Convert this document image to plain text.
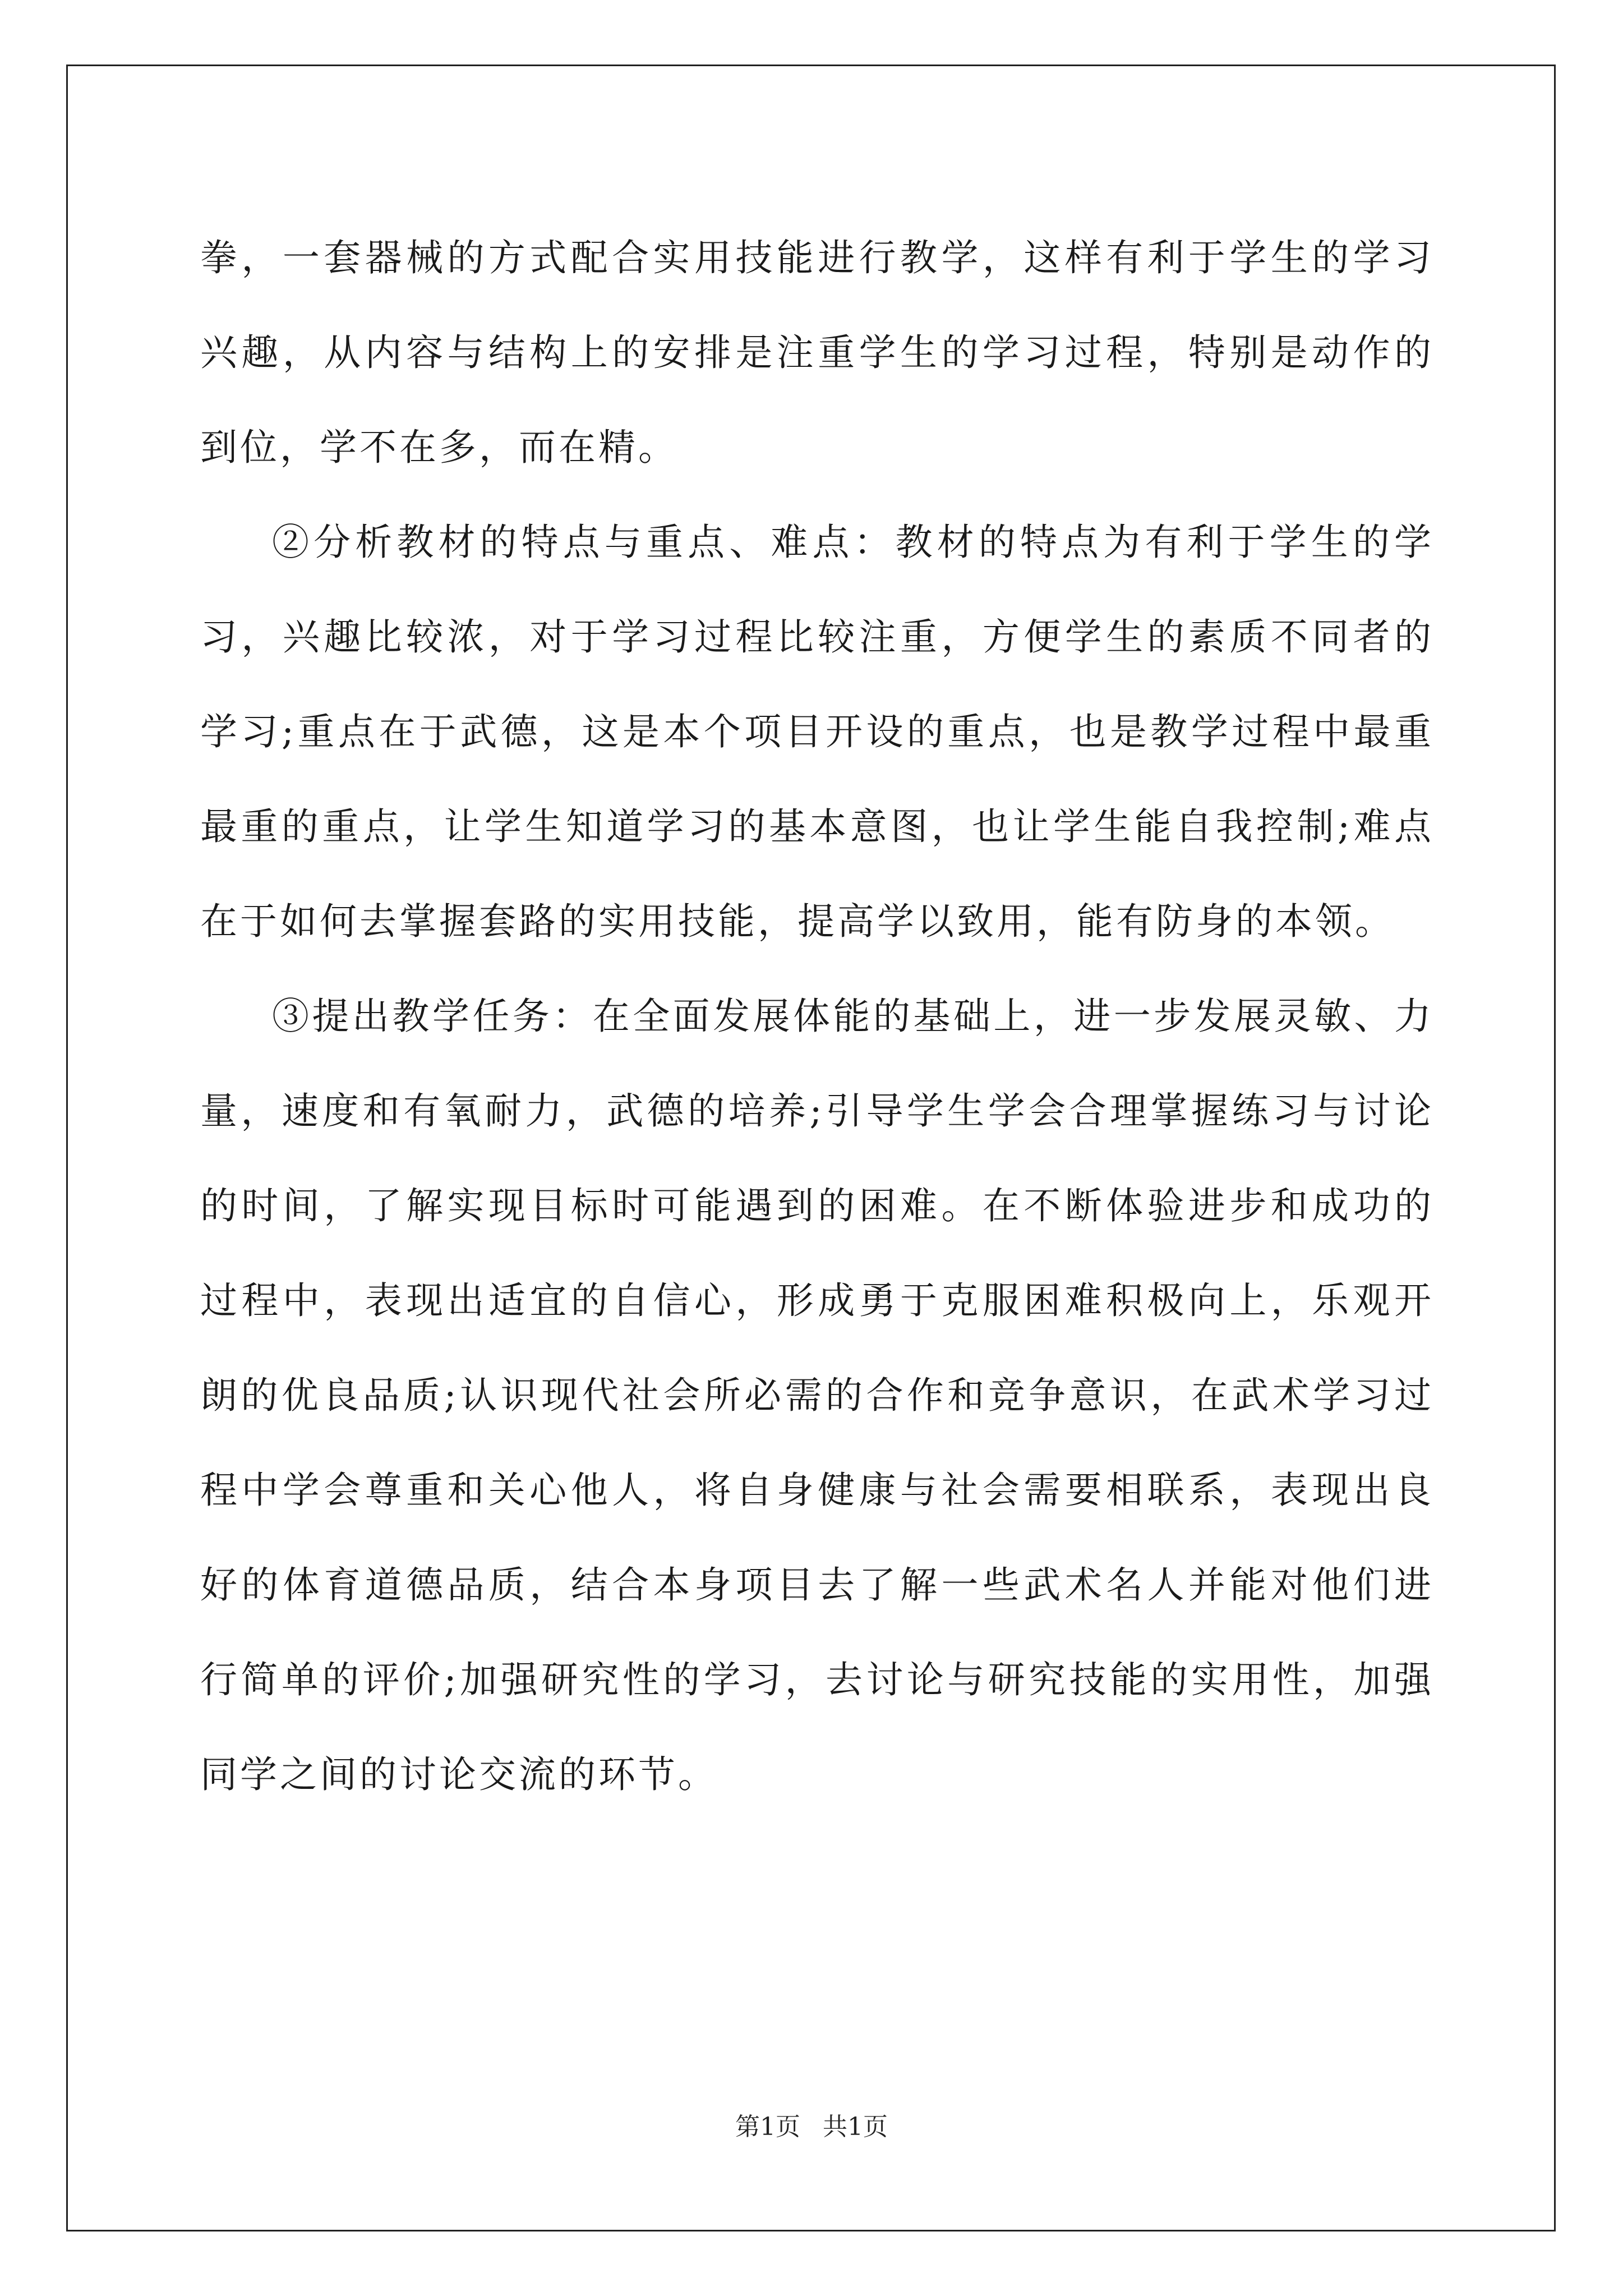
拳，一套器械的方式配合实用技能进行教学，这样有利于学生的学习兴趣，从内容与结构上的安排是注重学生的学习过程，特别是动作的到位，学不在多，而在精。

②分析教材的特点与重点、难点：教材的特点为有利于学生的学习，兴趣比较浓，对于学习过程比较注重，方便学生的素质不同者的学习;重点在于武德，这是本个项目开设的重点，也是教学过程中最重最重的重点，让学生知道学习的基本意图，也让学生能自我控制;难点在于如何去掌握套路的实用技能，提高学以致用，能有防身的本领。

③提出教学任务：在全面发展体能的基础上，进一步发展灵敏、力量，速度和有氧耐力，武德的培养;引导学生学会合理掌握练习与讨论的时间，了解实现目标时可能遇到的困难。在不断体验进步和成功的过程中，表现出适宜的自信心，形成勇于克服困难积极向上，乐观开朗的优良品质;认识现代社会所必需的合作和竞争意识，在武术学习过程中学会尊重和关心他人，将自身健康与社会需要相联系，表现出良好的体育道德品质，结合本身项目去了解一些武术名人并能对他们进行简单的评价;加强研究性的学习，去讨论与研究技能的实用性，加强同学之间的讨论交流的环节。

第1页 共1页
